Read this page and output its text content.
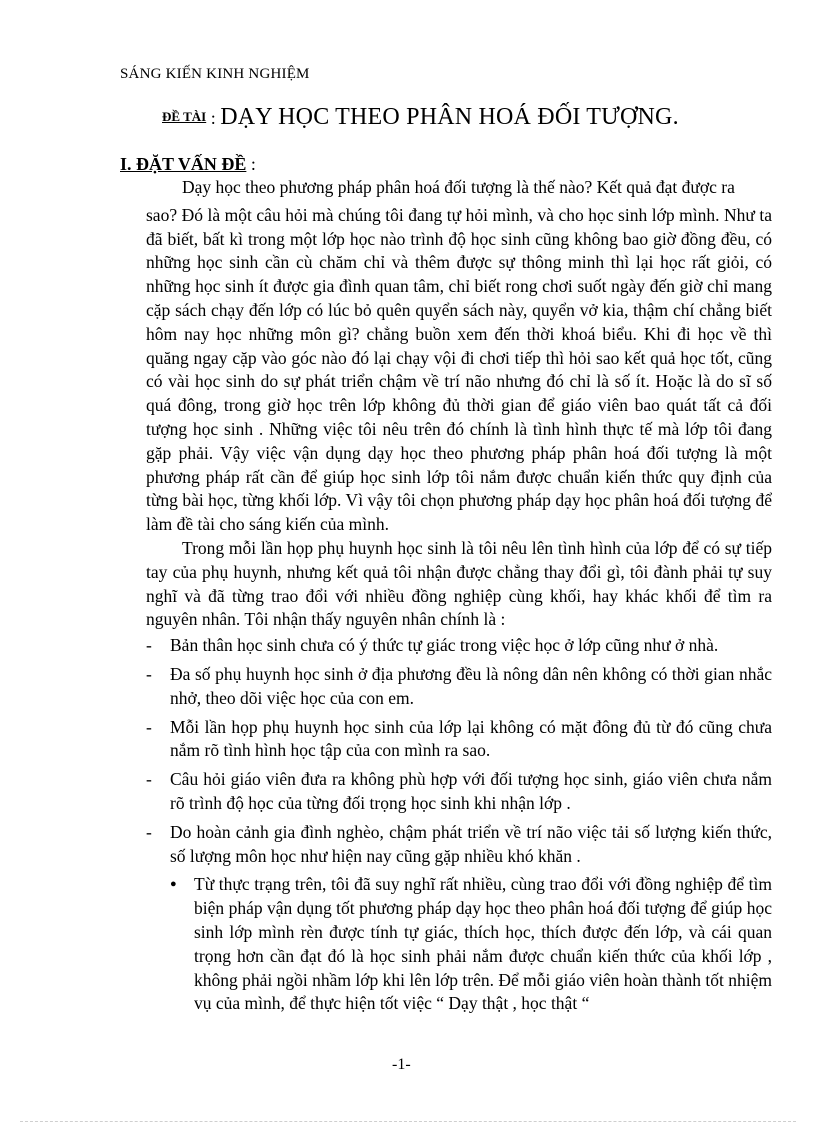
SÁNG KIẾN KINH NGHIỆM
ĐỀ TÀI : DẠY HỌC THEO PHÂN HOÁ ĐỐI TƯỢNG.
I. ĐẶT VẤN ĐỀ :

Dạy học theo phương pháp phân hoá đối tượng là thế nào? Kết quả đạt được ra
sao? Đó là một câu hỏi mà chúng tôi đang tự hỏi mình, và cho học sinh lớp mình. Như ta đã biết, bất kì trong một lớp học nào trình độ học sinh cũng không bao giờ đồng đều, có những học sinh cần cù chăm chỉ và thêm được sự thông minh thì lại học rất giỏi, có những học sinh ít được gia đình quan tâm, chỉ biết rong chơi suốt ngày đến giờ chỉ mang cặp sách chạy đến lớp có lúc bỏ quên quyển sách này, quyển vở kia, thậm chí chẳng biết hôm nay học những môn gì? chẳng buồn xem đến thời khoá biểu. Khi đi học về thì quăng ngay cặp vào góc nào đó lại chạy vội đi chơi tiếp thì hỏi sao kết quả học tốt, cũng có vài học sinh do sự phát triển chậm về trí não nhưng đó chỉ là số ít. Hoặc là do sĩ số quá đông, trong giờ học trên lớp không đủ thời gian để giáo viên bao quát tất cả đối tượng học sinh . Những việc tôi nêu trên đó chính là tình hình thực tế mà lớp tôi đang gặp phải. Vậy việc vận dụng dạy học theo phương pháp phân hoá đối tượng là một phương pháp rất cần để giúp học sinh lớp tôi nắm được chuẩn kiến thức quy định của từng bài học, từng khối lớp. Vì vậy tôi chọn phương pháp dạy học phân hoá đối tượng để làm đề tài cho sáng kiến của mình.

Trong mỗi lần họp phụ huynh học sinh là tôi nêu lên tình hình của lớp để có sự tiếp tay của phụ huynh, nhưng kết quả tôi nhận được chẳng thay đổi gì, tôi đành phải tự suy nghĩ và đã từng trao đổi với nhiều đồng nghiệp cùng khối, hay khác khối để tìm ra nguyên nhân. Tôi nhận thấy nguyên nhân chính là :

- Bản thân học sinh chưa có ý thức tự giác trong việc học ở lớp cũng như ở nhà.
- Đa số phụ huynh học sinh ở địa phương đều là nông dân nên không có thời gian nhắc nhở, theo dõi việc học của con em.
- Mỗi lần họp phụ huynh học sinh của lớp lại không có mặt đông đủ từ đó cũng chưa nắm rõ tình hình học tập của con mình ra sao.
- Câu hỏi giáo viên đưa ra không phù hợp với đối tượng học sinh, giáo viên chưa nắm rõ trình độ học của từng đối trọng học sinh khi nhận lớp .
- Do hoàn cảnh gia đình nghèo, chậm phát triển về trí não việc tải số lượng kiến thức, số lượng môn học như hiện nay cũng gặp nhiều khó khăn .
● Từ thực trạng trên, tôi đã suy nghĩ rất nhiều, cùng trao đổi với đồng nghiệp để tìm biện pháp vận dụng tốt phương pháp dạy học theo phân hoá đối tượng để giúp học sinh lớp mình rèn được tính tự giác, thích học, thích được đến lớp, và cái quan trọng hơn cần đạt đó là học sinh phải nắm được chuẩn kiến thức của khối lớp , không phải ngồi nhầm lớp khi lên lớp trên. Để mỗi giáo viên hoàn thành tốt nhiệm vụ của mình, để thực hiện tốt việc “ Dạy thật , học thật “
-1-
